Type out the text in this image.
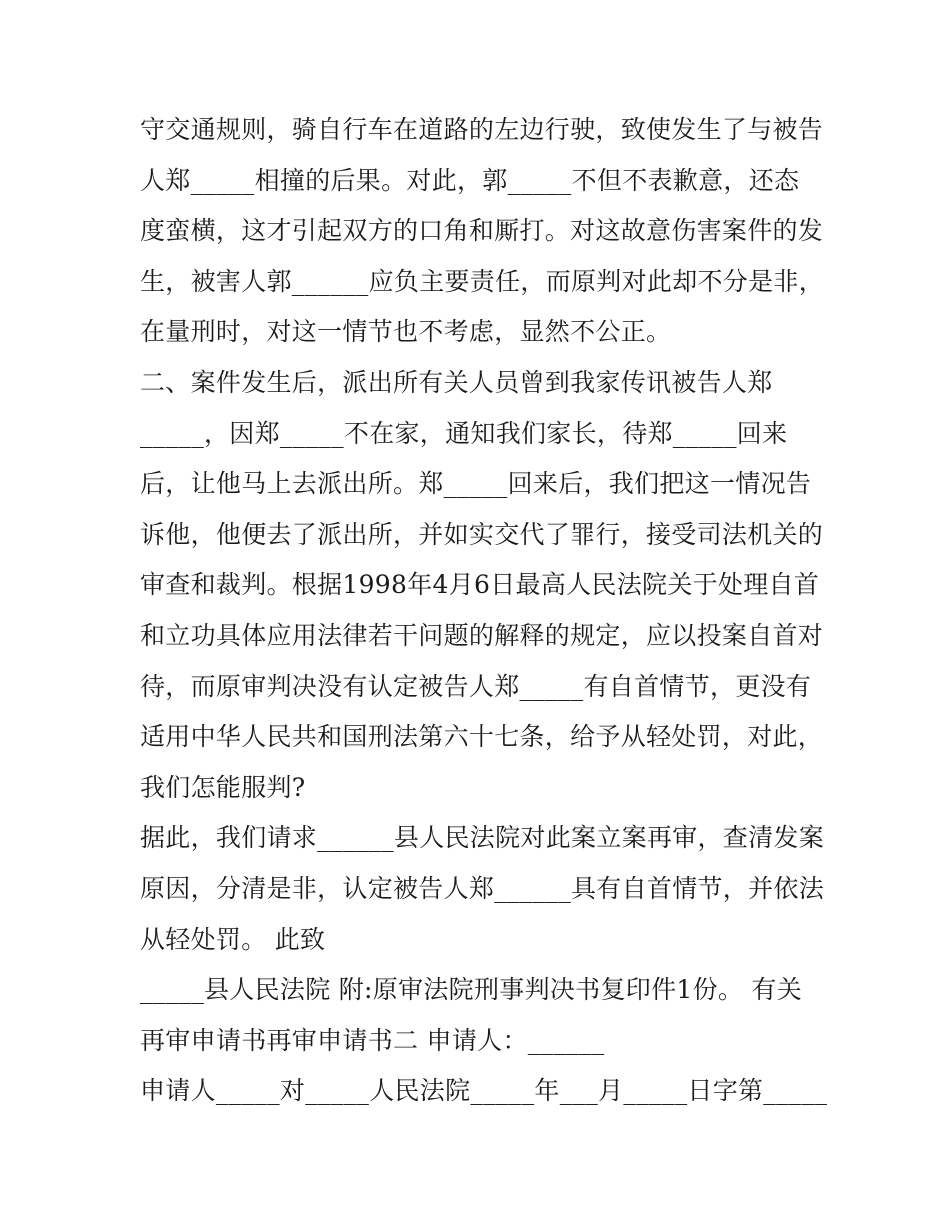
守交通规则，骑自行车在道路的左边行驶，致使发生了与被告
人郑_____相撞的后果。对此，郭_____不但不表歉意，还态
度蛮横，这才引起双方的口角和厮打。对这故意伤害案件的发
生，被害人郭______应负主要责任，而原判对此却不分是非，
在量刑时，对这一情节也不考虑，显然不公正。
二、案件发生后，派出所有关人员曾到我家传讯被告人郑
_____，因郑_____不在家，通知我们家长，待郑_____回来
后，让他马上去派出所。郑_____回来后，我们把这一情况告
诉他，他便去了派出所，并如实交代了罪行，接受司法机关的
审查和裁判。根据1998年4月6日最高人民法院关于处理自首
和立功具体应用法律若干问题的解释的规定，应以投案自首对
待，而原审判决没有认定被告人郑_____有自首情节，更没有
适用中华人民共和国刑法第六十七条，给予从轻处罚，对此，
我们怎能服判?
据此，我们请求______县人民法院对此案立案再审，查清发案
原因，分清是非，认定被告人郑______具有自首情节，并依法
从轻处罚。 此致
_____县人民法院 附:原审法院刑事判决书复印件1份。 有关
再审申请书再审申请书二 申请人：______
申请人_____对_____人民法院_____年___月_____日字第_____
